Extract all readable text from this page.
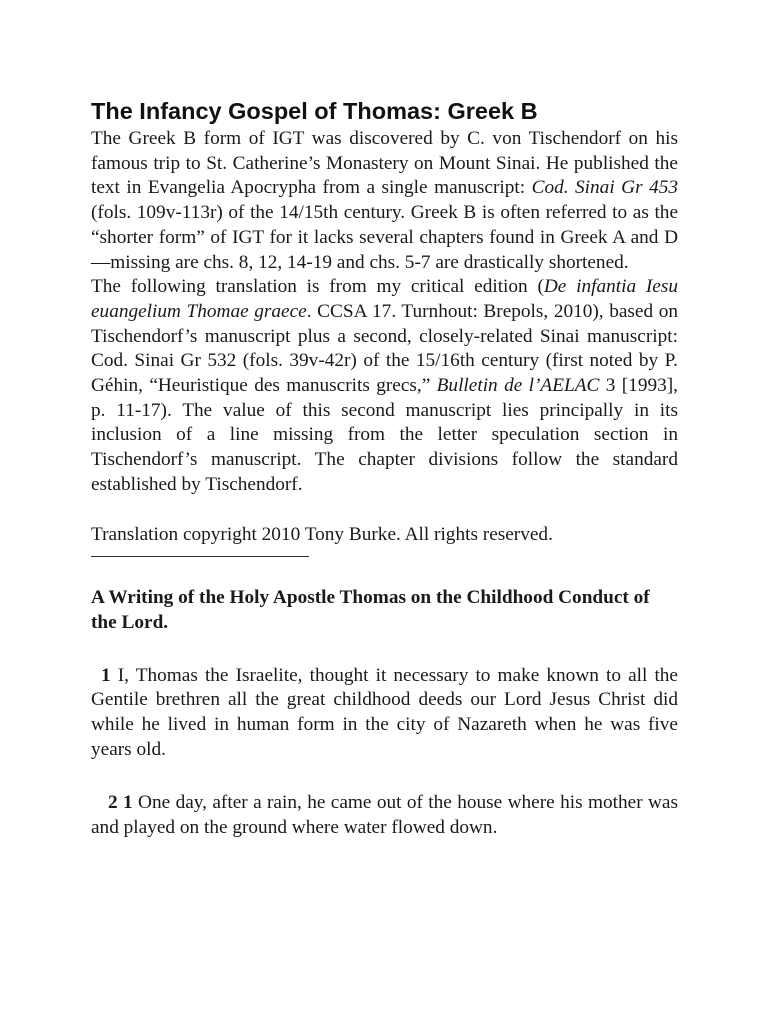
The Infancy Gospel of Thomas: Greek B

The Greek B form of IGT was discovered by C. von Tischendorf on his famous trip to St. Catherine’s Monastery on Mount Sinai. He published the text in Evangelia Apocrypha from a single manuscript: Cod. Sinai Gr 453 (fols. 109v-113r) of the 14/15th century. Greek B is often referred to as the “shorter form” of IGT for it lacks several chapters found in Greek A and D—missing are chs. 8, 12, 14-19 and chs. 5-7 are drastically shortened.

The following translation is from my critical edition (De infantia Iesu euangelium Thomae graece. CCSA 17. Turnhout: Brepols, 2010), based on Tischendorf’s manuscript plus a second, closely-related Sinai manuscript: Cod. Sinai Gr 532 (fols. 39v-42r) of the 15/16th century (first noted by P. Géhin, “Heuristique des manuscrits grecs,” Bulletin de l’AELAC 3 [1993], p. 11-17). The value of this second manuscript lies principally in its inclusion of a line missing from the letter speculation section in Tischendorf’s manuscript. The chapter divisions follow the standard established by Tischendorf.

Translation copyright 2010 Tony Burke. All rights reserved.

A Writing of the Holy Apostle Thomas on the Childhood Conduct of the Lord.

1 I, Thomas the Israelite, thought it necessary to make known to all the Gentile brethren all the great childhood deeds our Lord Jesus Christ did while he lived in human form in the city of Nazareth when he was five years old.

2 1 One day, after a rain, he came out of the house where his mother was and played on the ground where water flowed down.
